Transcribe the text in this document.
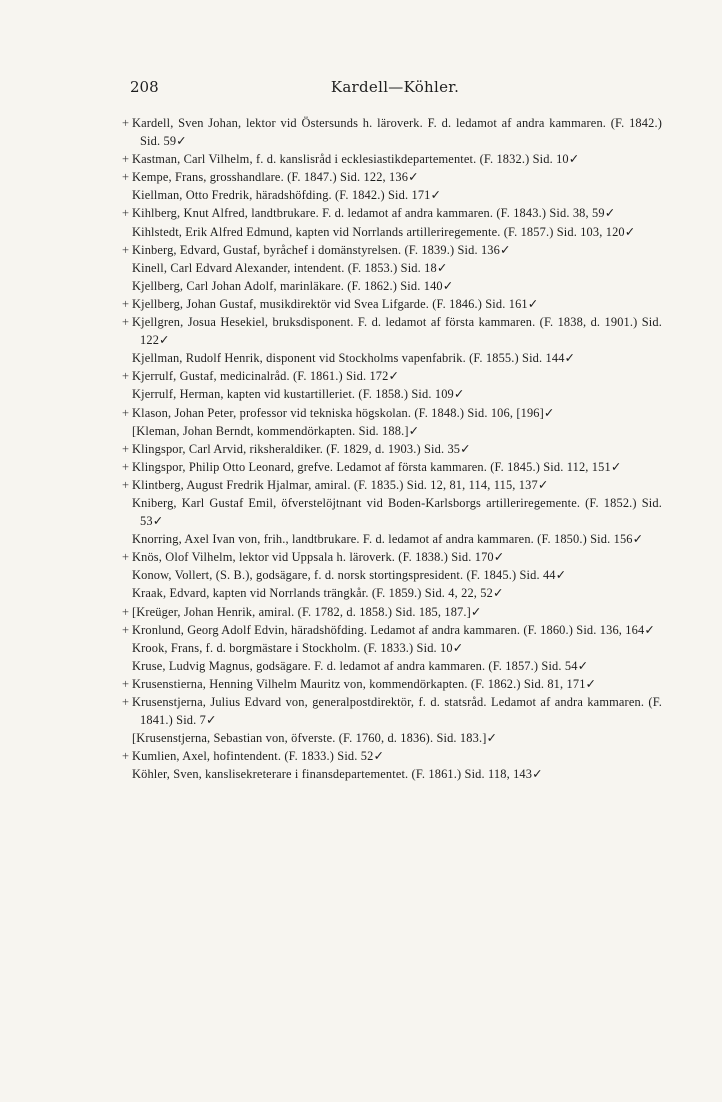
208	Kardell—Köhler.

+ Kardell, Sven Johan, lektor vid Östersunds h. läroverk. F. d. ledamot af andra kammaren. (F. 1842.) Sid. 59✓

+ Kastman, Carl Vilhelm, f. d. kanslisråd i ecklesiastikdepartementet. (F. 1832.) Sid. 10✓

+ Kempe, Frans, grosshandlare. (F. 1847.) Sid. 122, 136✓

Kiellman, Otto Fredrik, häradshöfding. (F. 1842.) Sid. 171✓

+ Kihlberg, Knut Alfred, landtbrukare. F. d. ledamot af andra kammaren. (F. 1843.) Sid. 38, 59✓

Kihlstedt, Erik Alfred Edmund, kapten vid Norrlands artilleriregemente. (F. 1857.) Sid. 103, 120✓

+ Kinberg, Edvard, Gustaf, byråchef i domänstyrelsen. (F. 1839.) Sid. 136✓

Kinell, Carl Edvard Alexander, intendent. (F. 1853.) Sid. 18✓

Kjellberg, Carl Johan Adolf, marinläkare. (F. 1862.) Sid. 140✓

+ Kjellberg, Johan Gustaf, musikdirektör vid Svea Lifgarde. (F. 1846.) Sid. 161✓

+ Kjellgren, Josua Hesekiel, bruksdisponent. F. d. ledamot af första kammaren. (F. 1838, d. 1901.) Sid. 122✓

Kjellman, Rudolf Henrik, disponent vid Stockholms vapenfabrik. (F. 1855.) Sid. 144✓

+ Kjerrulf, Gustaf, medicinalråd. (F. 1861.) Sid. 172✓

Kjerrulf, Herman, kapten vid kustartilleriet. (F. 1858.) Sid. 109✓

+ Klason, Johan Peter, professor vid tekniska högskolan. (F. 1848.) Sid. 106, [196]✓

[Kleman, Johan Berndt, kommendörkapten. Sid. 188.]✓

+ Klingspor, Carl Arvid, riksheraldiker. (F. 1829, d. 1903.) Sid. 35✓

+ Klingspor, Philip Otto Leonard, grefve. Ledamot af första kammaren. (F. 1845.) Sid. 112, 151✓

+ Klintberg, August Fredrik Hjalmar, amiral. (F. 1835.) Sid. 12, 81, 114, 115, 137✓

Kniberg, Karl Gustaf Emil, öfverstelöjtnant vid Boden-Karlsborgs artilleriregemente. (F. 1852.) Sid. 53✓

Knorring, Axel Ivan von, frih., landtbrukare. F. d. ledamot af andra kammaren. (F. 1850.) Sid. 156✓

+ Knös, Olof Vilhelm, lektor vid Uppsala h. läroverk. (F. 1838.) Sid. 170✓

Konow, Vollert, (S. B.), godsägare, f. d. norsk stortingspresident. (F. 1845.) Sid. 44✓

Kraak, Edvard, kapten vid Norrlands trängkår. (F. 1859.) Sid. 4, 22, 52✓

+ [Kreüger, Johan Henrik, amiral. (F. 1782, d. 1858.) Sid. 185, 187.]✓

+ Kronlund, Georg Adolf Edvin, häradshöfding. Ledamot af andra kammaren. (F. 1860.) Sid. 136, 164✓

Krook, Frans, f. d. borgmästare i Stockholm. (F. 1833.) Sid. 10✓

Kruse, Ludvig Magnus, godsägare. F. d. ledamot af andra kammaren. (F. 1857.) Sid. 54✓

+ Krusenstierna, Henning Vilhelm Mauritz von, kommendörkapten. (F. 1862.) Sid. 81, 171✓

+ Krusenstjerna, Julius Edvard von, generalpostdirektör, f. d. statsråd. Ledamot af andra kammaren. (F. 1841.) Sid. 7✓

[Krusenstjerna, Sebastian von, öfverste. (F. 1760, d. 1836). Sid. 183.]✓

+ Kumlien, Axel, hofintendent. (F. 1833.) Sid. 52✓

Köhler, Sven, kanslisekreterare i finansdepartementet. (F. 1861.) Sid. 118, 143✓
